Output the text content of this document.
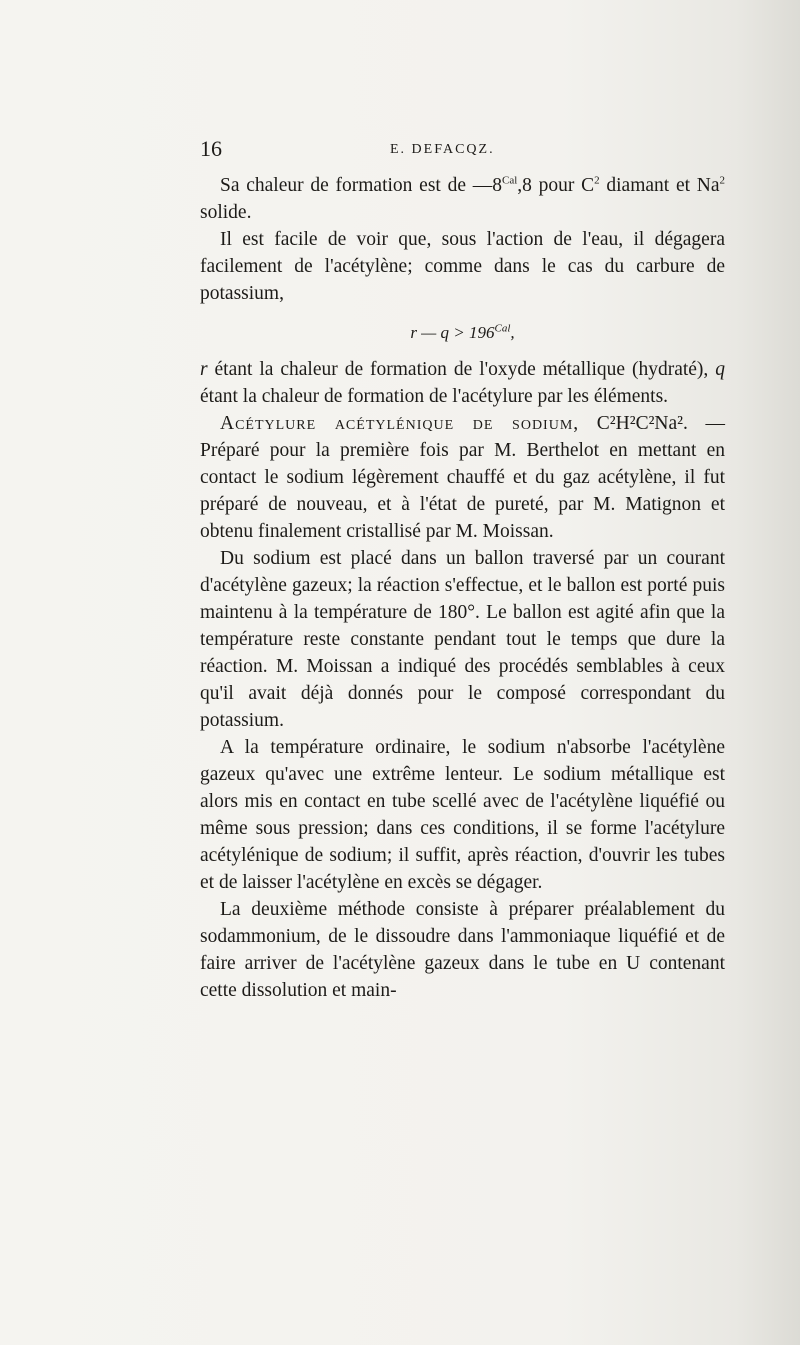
16	E. DEFACQZ.

Sa chaleur de formation est de $—8^{Cal},8$ pour $C^2$ diamant et Na$^2$ solide.

Il est facile de voir que, sous l'action de l'eau, il dégagera facilement de l'acétylène; comme dans le cas du carbure de potassium,

r — $q > 196^{Cal}$,

r étant la chaleur de formation de l'oxyde métallique (hydraté), q étant la chaleur de formation de l'acétylure par les éléments.

Acétylure acétylénique de sodium, C²H²C²Na². — Préparé pour la première fois par M. Berthelot en mettant en contact le sodium légèrement chauffé et du gaz acétylène, il fut préparé de nouveau, et à l'état de pureté, par M. Matignon et obtenu finalement cristallisé par M. Moissan.

Du sodium est placé dans un ballon traversé par un courant d'acétylène gazeux; la réaction s'effectue, et le ballon est porté puis maintenu à la température de 180°. Le ballon est agité afin que la température reste constante pendant tout le temps que dure la réaction. M. Moissan a indiqué des procédés semblables à ceux qu'il avait déjà donnés pour le composé correspondant du potassium.

A la température ordinaire, le sodium n'absorbe l'acétylène gazeux qu'avec une extrême lenteur. Le sodium métallique est alors mis en contact en tube scellé avec de l'acétylène liquéfié ou même sous pression; dans ces conditions, il se forme l'acétylure acétylénique de sodium; il suffit, après réaction, d'ouvrir les tubes et de laisser l'acétylène en excès se dégager.

La deuxième méthode consiste à préparer préalablement du sodammonium, de le dissoudre dans l'ammoniaque liquéfié et de faire arriver de l'acétylène gazeux dans le tube en U contenant cette dissolution et main-
